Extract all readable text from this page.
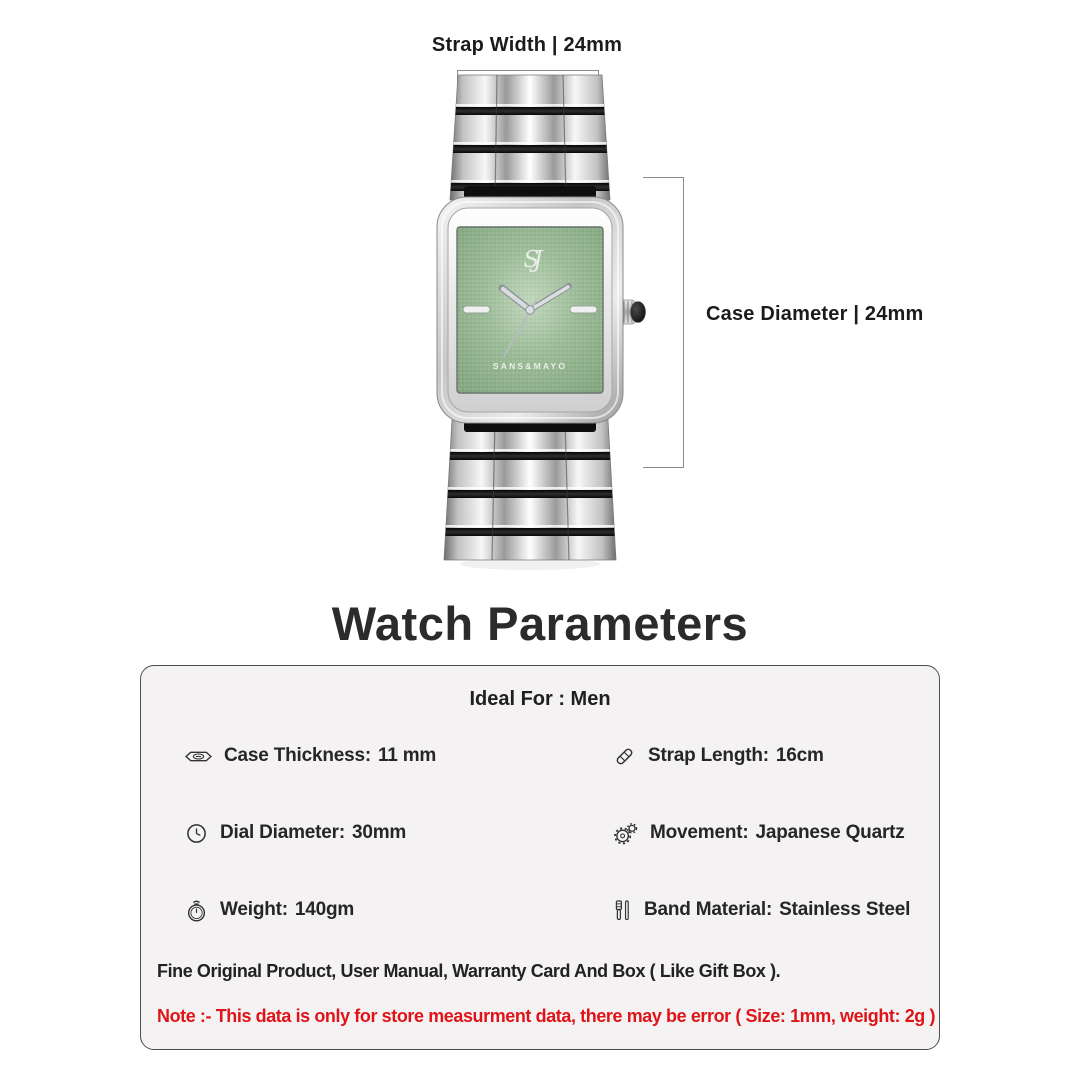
Strap Width | 24mm
Case Diameter | 24mm
SJ
SANS&MAYO
Watch Parameters
Ideal For : Men
Case Thickness: 11 mm	Strap Length: 16cm
Dial Diameter: 30mm	Movement: Japanese Quartz
Weight: 140gm	Band Material: Stainless Steel
Fine Original Product, User Manual, Warranty Card And Box ( Like Gift Box ).
Note :- This data is only for store measurment data, there may be error ( Size: 1mm, weight: 2g )
